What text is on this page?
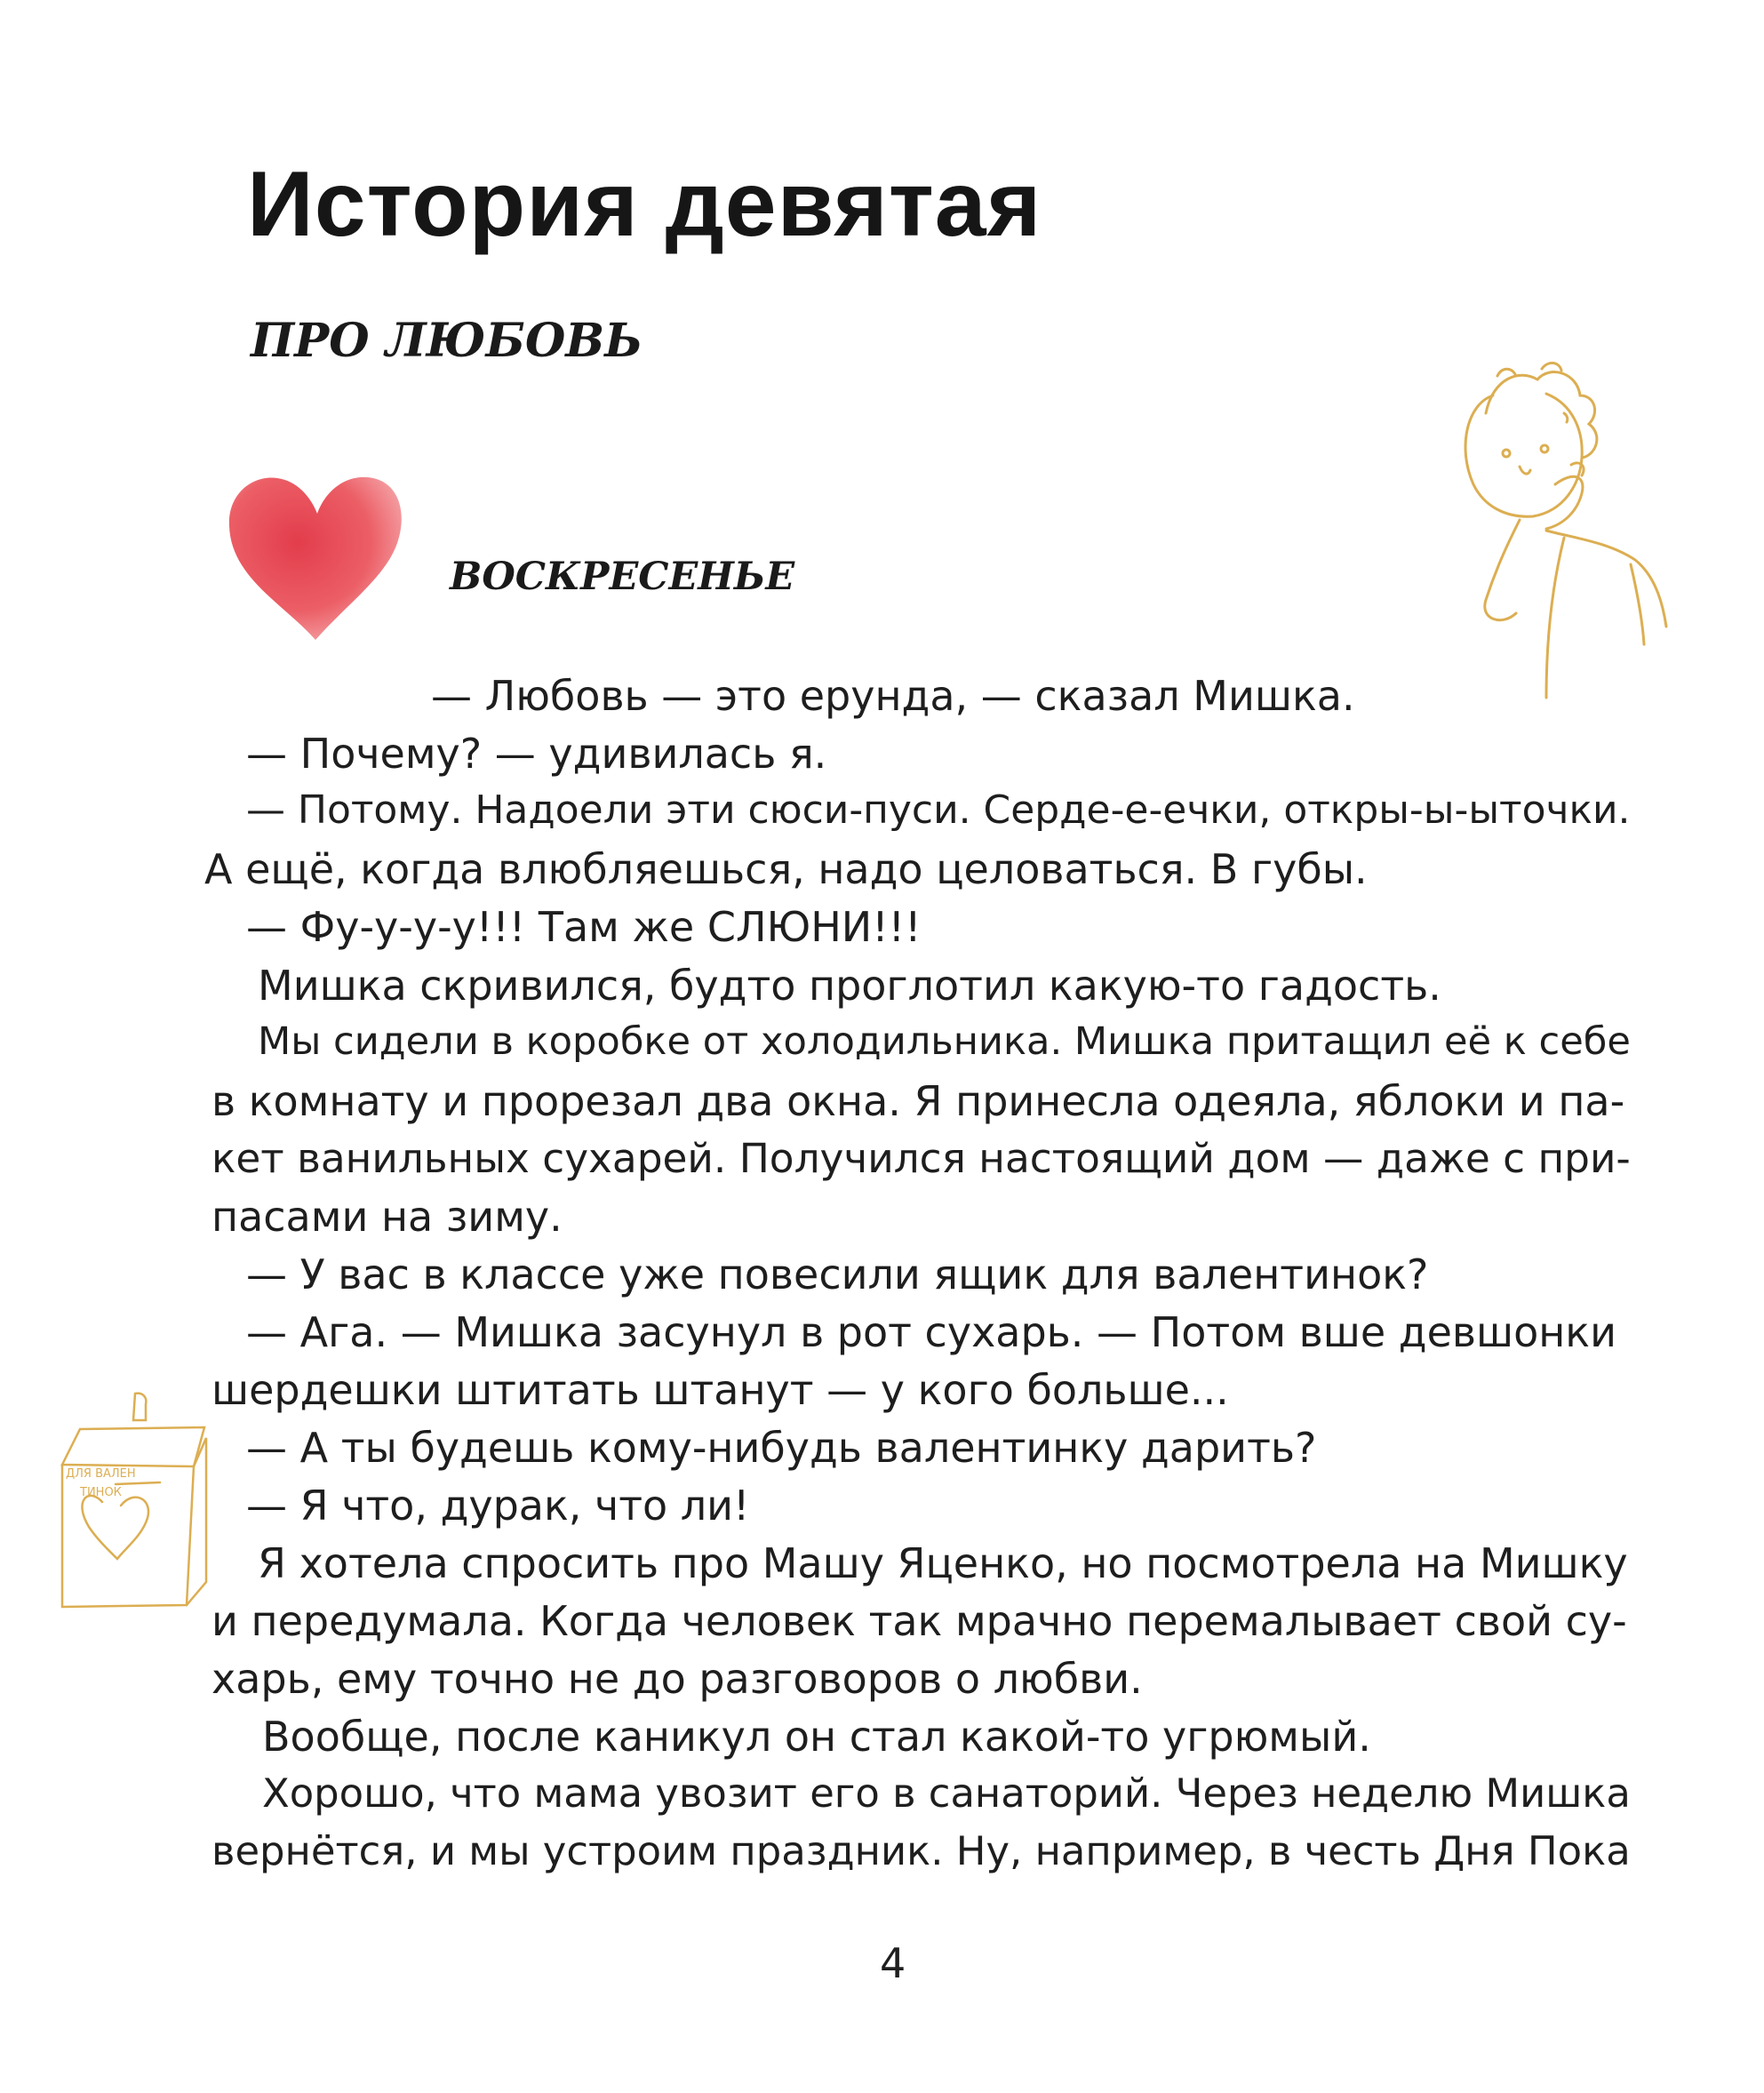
История девятая
ПРО ЛЮБОВЬ
ВОСКРЕСЕНЬЕ
ДЛЯ ВАЛЕН
ТИНОК

— Любовь — это ерунда, — сказал Мишка.

— Почему? — удивилась я.

— Потому. Надоели эти сюси-пуси. Серде-е-ечки, откры-ы-ыточки.

А ещё, когда влюбляешься, надо целоваться. В губы.

— Фу-у-у-у!!! Там же СЛЮНИ!!!

Мишка скривился, будто проглотил какую-то гадость.

Мы сидели в коробке от холодильника. Мишка притащил её к себе

в комнату и прорезал два окна. Я принесла одеяла, яблоки и па-

кет ванильных сухарей. Получился настоящий дом — даже с при-

пасами на зиму.

— У вас в классе уже повесили ящик для валентинок?

— Ага. — Мишка засунул в рот сухарь. — Потом вше девшонки

шердешки штитать штанут — у кого больше...

— А ты будешь кому-нибудь валентинку дарить?

— Я что, дурак, что ли!

Я хотела спросить про Машу Яценко, но посмотрела на Мишку

и передумала. Когда человек так мрачно перемалывает свой су-

харь, ему точно не до разговоров о любви.

Вообще, после каникул он стал какой-то угрюмый.

Хорошо, что мама увозит его в санаторий. Через неделю Мишка

вернётся, и мы устроим праздник. Ну, например, в честь Дня Пока

4
